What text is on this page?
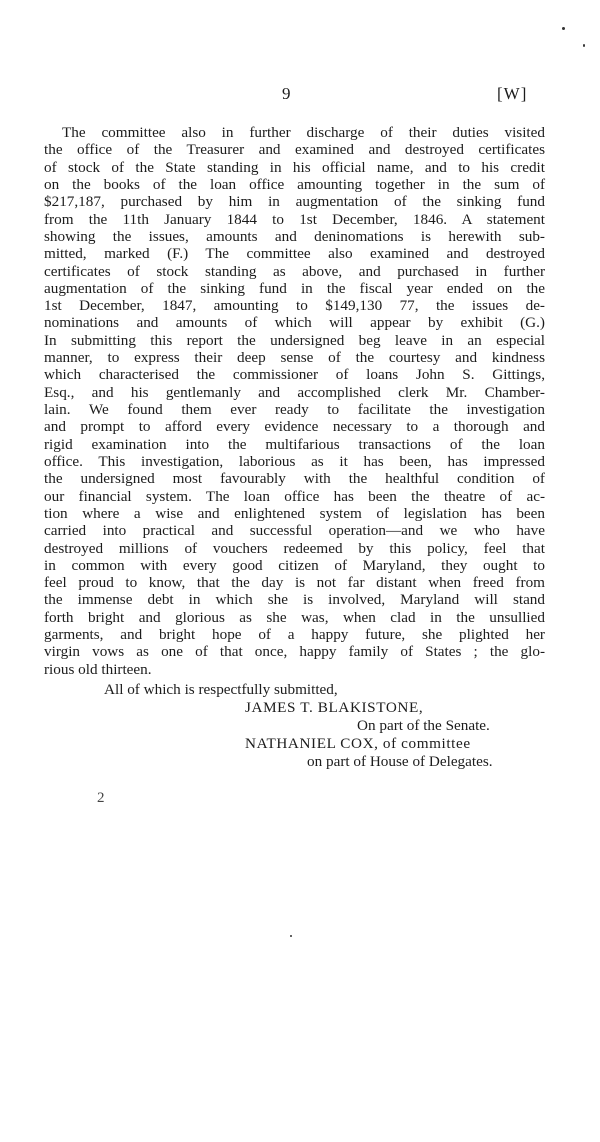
9	[W]
The committee also in further discharge of their duties visited
the office of the Treasurer and examined and destroyed certificates
of stock of the State standing in his official name, and to his credit
on the books of the loan office amounting together in the sum of
$217,187, purchased by him in augmentation of the sinking fund
from the 11th January 1844 to 1st December, 1846. A statement
showing the issues, amounts and deninomations is herewith sub-
mitted, marked (F.) The committee also examined and destroyed
certificates of stock standing as above, and purchased in further
augmentation of the sinking fund in the fiscal year ended on the
1st December, 1847, amounting to $149,130 77, the issues de-
nominations and amounts of which will appear by exhibit (G.)
In submitting this report the undersigned beg leave in an especial
manner, to express their deep sense of the courtesy and kindness
which characterised the commissioner of loans John S. Gittings,
Esq., and his gentlemanly and accomplished clerk Mr. Chamber-
lain. We found them ever ready to facilitate the investigation
and prompt to afford every evidence necessary to a thorough and
rigid examination into the multifarious transactions of the loan
office. This investigation, laborious as it has been, has impressed
the undersigned most favourably with the healthful condition of
our financial system. The loan office has been the theatre of ac-
tion where a wise and enlightened system of legislation has been
carried into practical and successful operation—and we who have
destroyed millions of vouchers redeemed by this policy, feel that
in common with every good citizen of Maryland, they ought to
feel proud to know, that the day is not far distant when freed from
the immense debt in which she is involved, Maryland will stand
forth bright and glorious as she was, when clad in the unsullied
garments, and bright hope of a happy future, she plighted her
virgin vows as one of that once, happy family of States ; the glo-
rious old thirteen.
All of which is respectfully submitted,
JAMES T. BLAKISTONE,
On part of the Senate.
NATHANIEL COX, of committee
on part of House of Delegates.
2
